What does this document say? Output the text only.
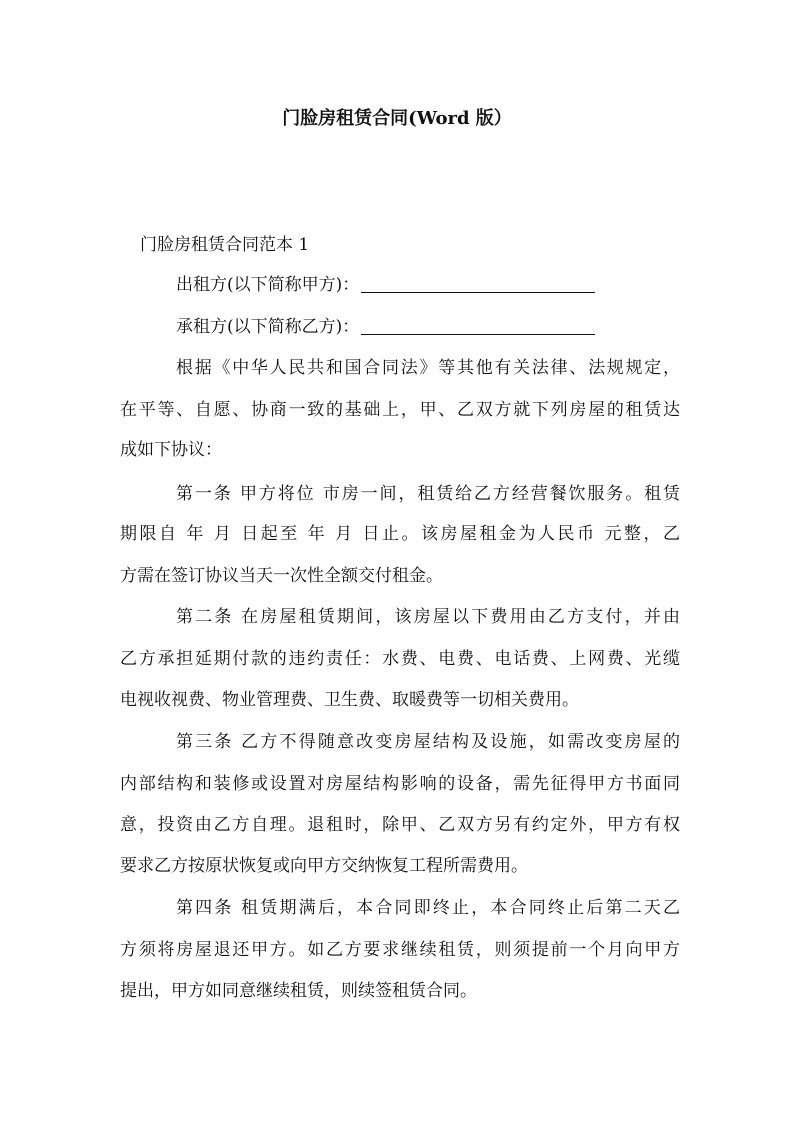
门脸房租赁合同(Word 版）
门脸房租赁合同范本 1
出租方(以下简称甲方)：
承租方(以下简称乙方)：
根据《中华人民共和国合同法》等其他有关法律、法规规定，
在平等、自愿、协商一致的基础上，甲、乙双方就下列房屋的租赁达
成如下协议：
第一条 甲方将位 市房一间，租赁给乙方经营餐饮服务。租赁
期限自 年 月 日起至 年 月 日止。该房屋租金为人民币 元整，乙
方需在签订协议当天一次性全额交付租金。
第二条 在房屋租赁期间，该房屋以下费用由乙方支付，并由
乙方承担延期付款的违约责任：水费、电费、电话费、上网费、光缆
电视收视费、物业管理费、卫生费、取暖费等一切相关费用。
第三条 乙方不得随意改变房屋结构及设施，如需改变房屋的
内部结构和装修或设置对房屋结构影响的设备，需先征得甲方书面同
意，投资由乙方自理。退租时，除甲、乙双方另有约定外，甲方有权
要求乙方按原状恢复或向甲方交纳恢复工程所需费用。
第四条 租赁期满后，本合同即终止，本合同终止后第二天乙
方须将房屋退还甲方。如乙方要求继续租赁，则须提前一个月向甲方
提出，甲方如同意继续租赁，则续签租赁合同。
